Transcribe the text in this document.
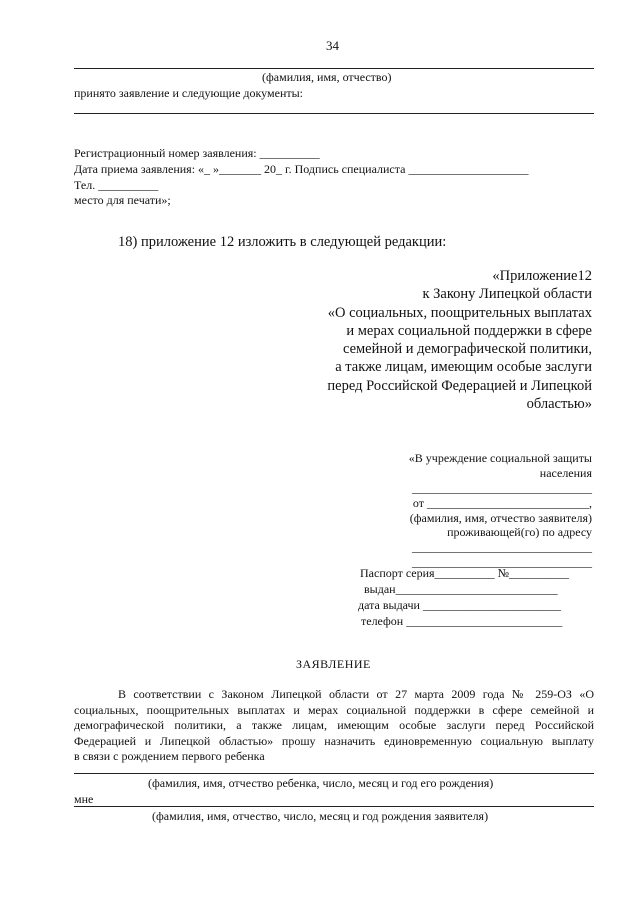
34
(фамилия, имя, отчество)
принято заявление и следующие документы:
Регистрационный номер заявления: __________
Дата приема заявления: «_ »_______ 20_ г. Подпись специалиста ____________________
Тел. __________
место для печати»;
18) приложение 12 изложить в следующей редакции:
«Приложение12
к Закону Липецкой области
«О социальных, поощрительных выплатах
и мерах социальной поддержки в сфере
семейной и демографической политики,
а также лицам, имеющим особые заслуги
перед Российской Федерацией и Липецкой
областью»
«В учреждение социальной защиты
населения
______________________________
от ___________________________,
(фамилия, имя, отчество заявителя)
проживающей(го) по адресу
______________________________
______________________________
Паспорт серия__________ №__________
выдан___________________________
дата выдачи _______________________
телефон __________________________
ЗАЯВЛЕНИЕ
В соответствии с Законом Липецкой области от 27 марта 2009 года № 259-ОЗ «О
социальных, поощрительных выплатах и мерах социальной поддержки в сфере семейной и
демографической политики, а также лицам, имеющим особые заслуги перед Российской
Федерацией и Липецкой областью» прошу назначить единовременную социальную выплату
в связи с рождением первого ребенка
(фамилия, имя, отчество ребенка, число, месяц и год его рождения)
мне
(фамилия, имя, отчество, число, месяц и год рождения заявителя)
